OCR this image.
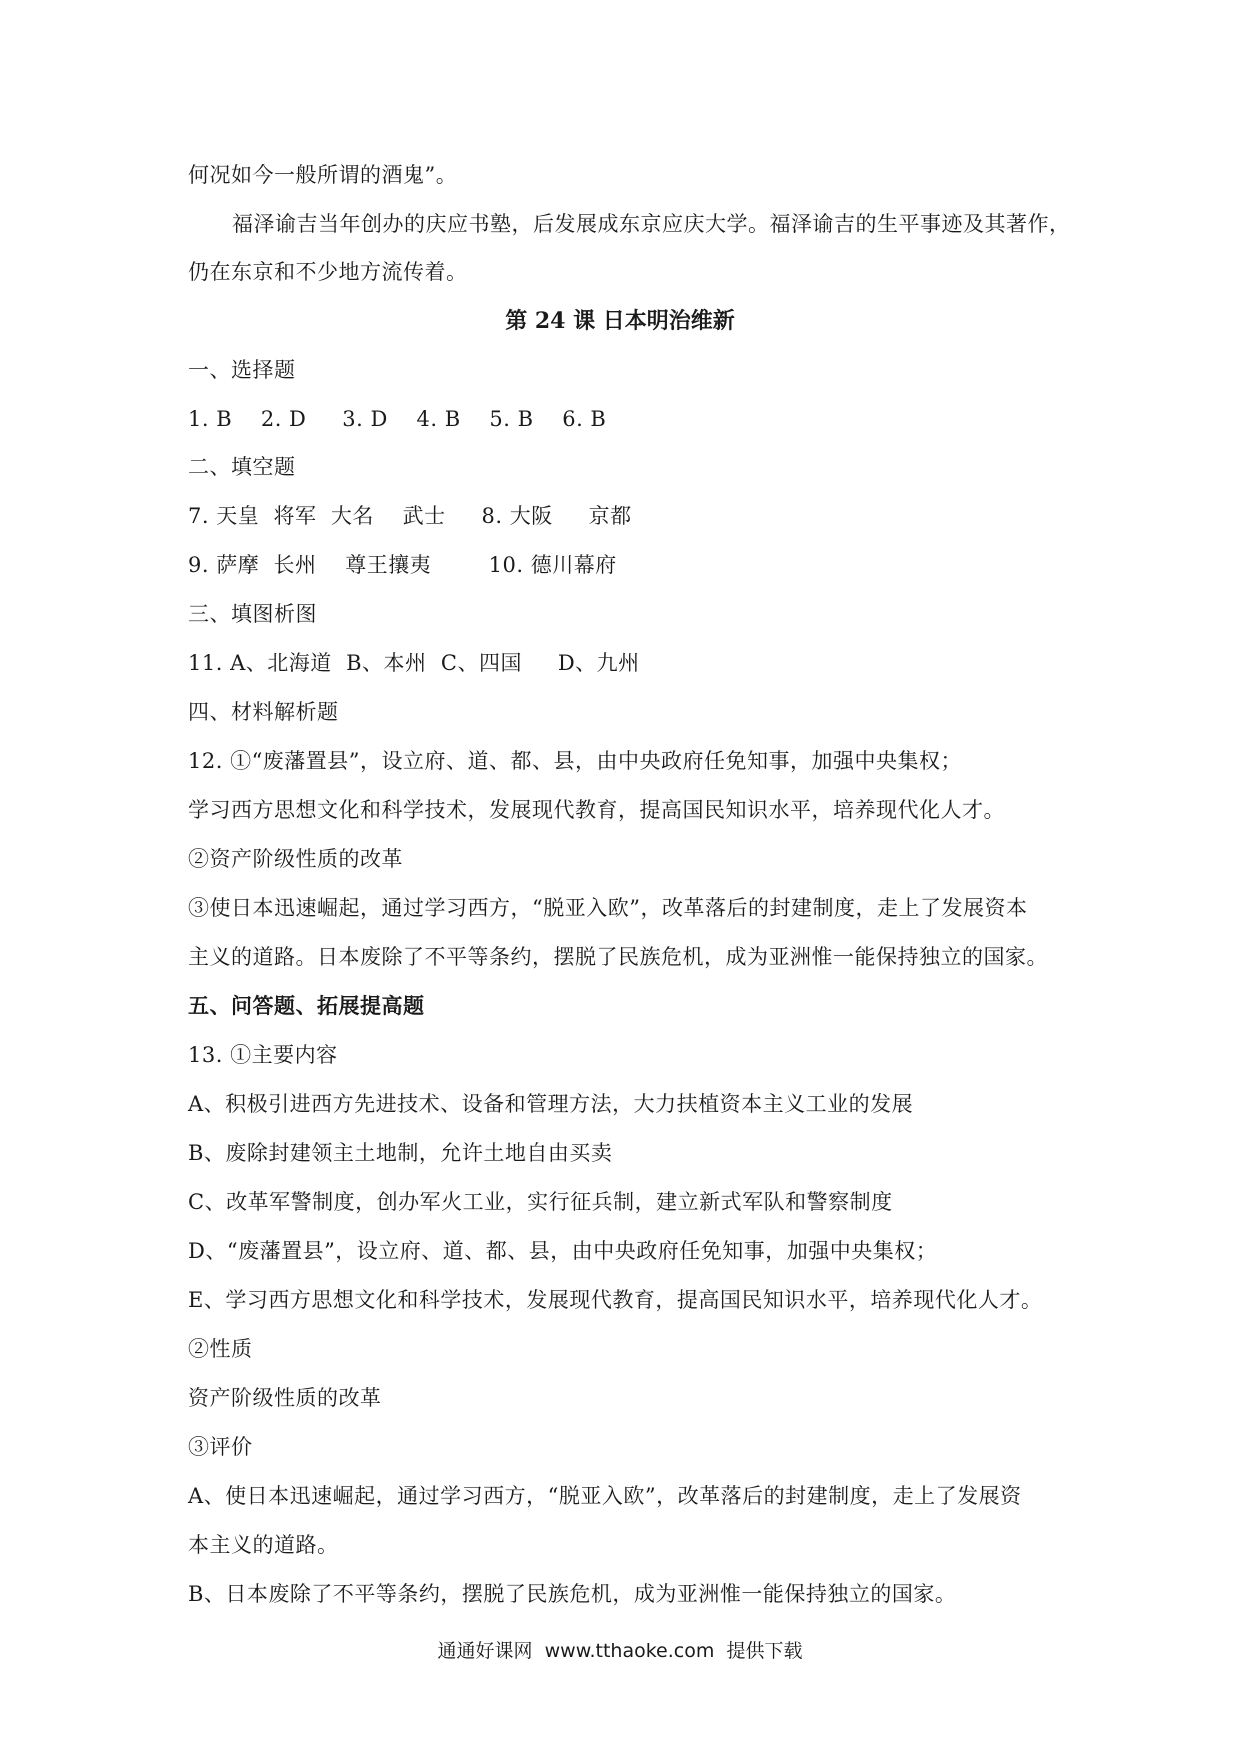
何况如今一般所谓的酒鬼”。
福泽谕吉当年创办的庆应书塾，后发展成东京应庆大学。福泽谕吉的生平事迹及其著作，
仍在东京和不少地方流传着。
第 24 课 日本明治维新
一、选择题
1. B    2. D     3. D    4. B    5. B    6. B
二、填空题
7. 天皇  将军  大名    武士     8. 大阪     京都
9. 萨摩  长州    尊王攘夷        10. 德川幕府
三、填图析图
11. A、北海道  B、本州  C、四国     D、九州
四、材料解析题
12. ①“废藩置县”，设立府、道、都、县，由中央政府任免知事，加强中央集权；
学习西方思想文化和科学技术，发展现代教育，提高国民知识水平，培养现代化人才。
②资产阶级性质的改革
③使日本迅速崛起，通过学习西方，“脱亚入欧”，改革落后的封建制度，走上了发展资本
主义的道路。日本废除了不平等条约，摆脱了民族危机，成为亚洲惟一能保持独立的国家。
五、问答题、拓展提高题
13. ①主要内容
A、积极引进西方先进技术、设备和管理方法，大力扶植资本主义工业的发展
B、废除封建领主土地制，允许土地自由买卖
C、改革军警制度，创办军火工业，实行征兵制，建立新式军队和警察制度
D、“废藩置县”，设立府、道、都、县，由中央政府任免知事，加强中央集权；
E、学习西方思想文化和科学技术，发展现代教育，提高国民知识水平，培养现代化人才。
②性质
资产阶级性质的改革
③评价
A、使日本迅速崛起，通过学习西方，“脱亚入欧”，改革落后的封建制度，走上了发展资
本主义的道路。
B、日本废除了不平等条约，摆脱了民族危机，成为亚洲惟一能保持独立的国家。
通通好课网  www.tthaoke.com  提供下载
